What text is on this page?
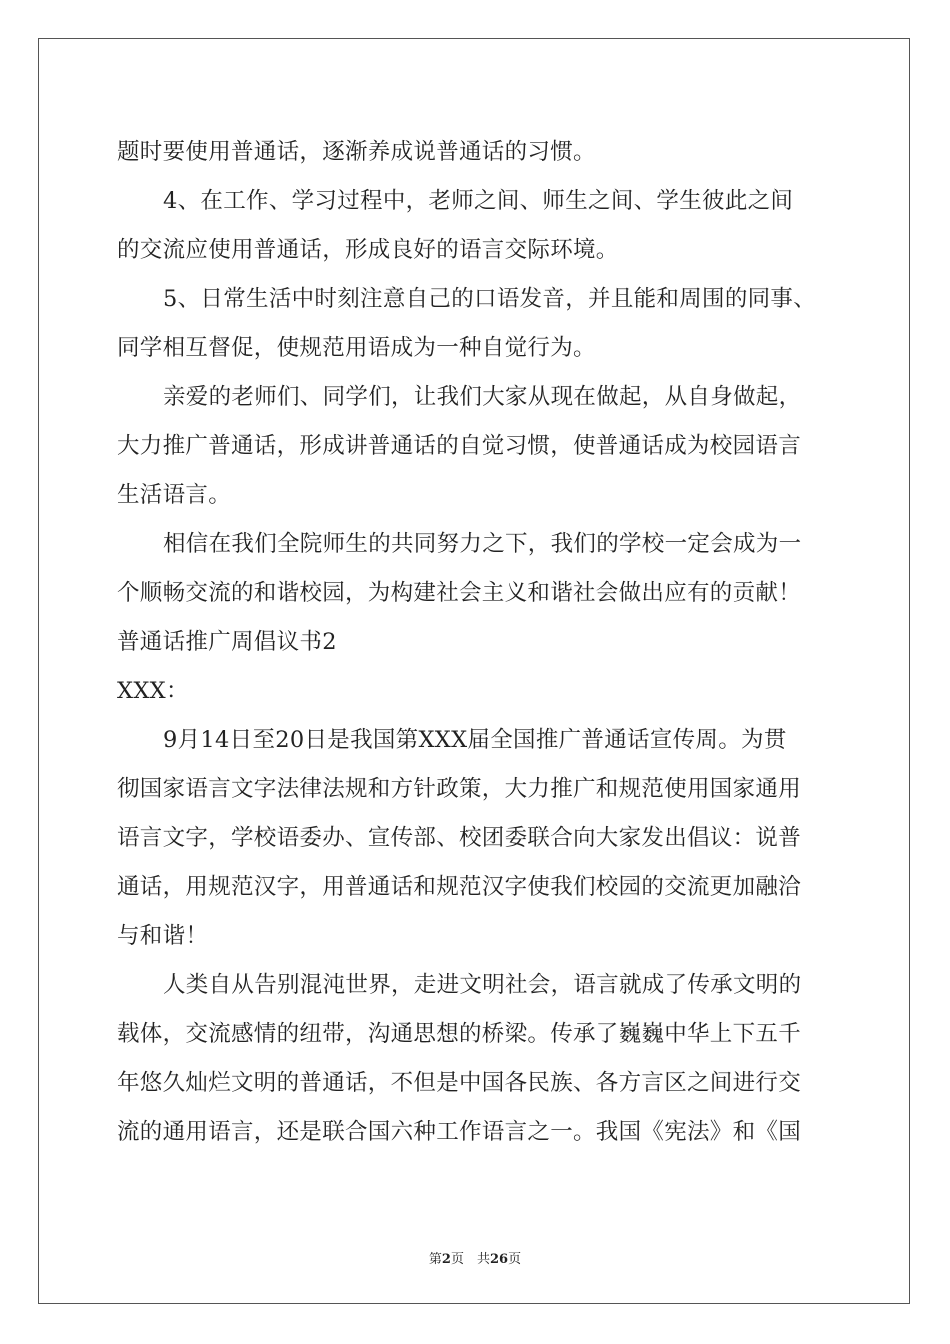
题时要使用普通话，逐渐养成说普通话的习惯。
4、在工作、学习过程中，老师之间、师生之间、学生彼此之间
的交流应使用普通话，形成良好的语言交际环境。
5、日常生活中时刻注意自己的口语发音，并且能和周围的同事、
同学相互督促，使规范用语成为一种自觉行为。
亲爱的老师们、同学们，让我们大家从现在做起，从自身做起，
大力推广普通话，形成讲普通话的自觉习惯，使普通话成为校园语言
生活语言。
相信在我们全院师生的共同努力之下，我们的学校一定会成为一
个顺畅交流的和谐校园，为构建社会主义和谐社会做出应有的贡献！
普通话推广周倡议书2
XXX：
9月14日至20日是我国第XXX届全国推广普通话宣传周。为贯
彻国家语言文字法律法规和方针政策，大力推广和规范使用国家通用
语言文字，学校语委办、宣传部、校团委联合向大家发出倡议：说普
通话，用规范汉字，用普通话和规范汉字使我们校园的交流更加融洽
与和谐！
人类自从告别混沌世界，走进文明社会，语言就成了传承文明的
载体，交流感情的纽带，沟通思想的桥梁。传承了巍巍中华上下五千
年悠久灿烂文明的普通话，不但是中国各民族、各方言区之间进行交
流的通用语言，还是联合国六种工作语言之一。我国《宪法》和《国
第2页　共26页
